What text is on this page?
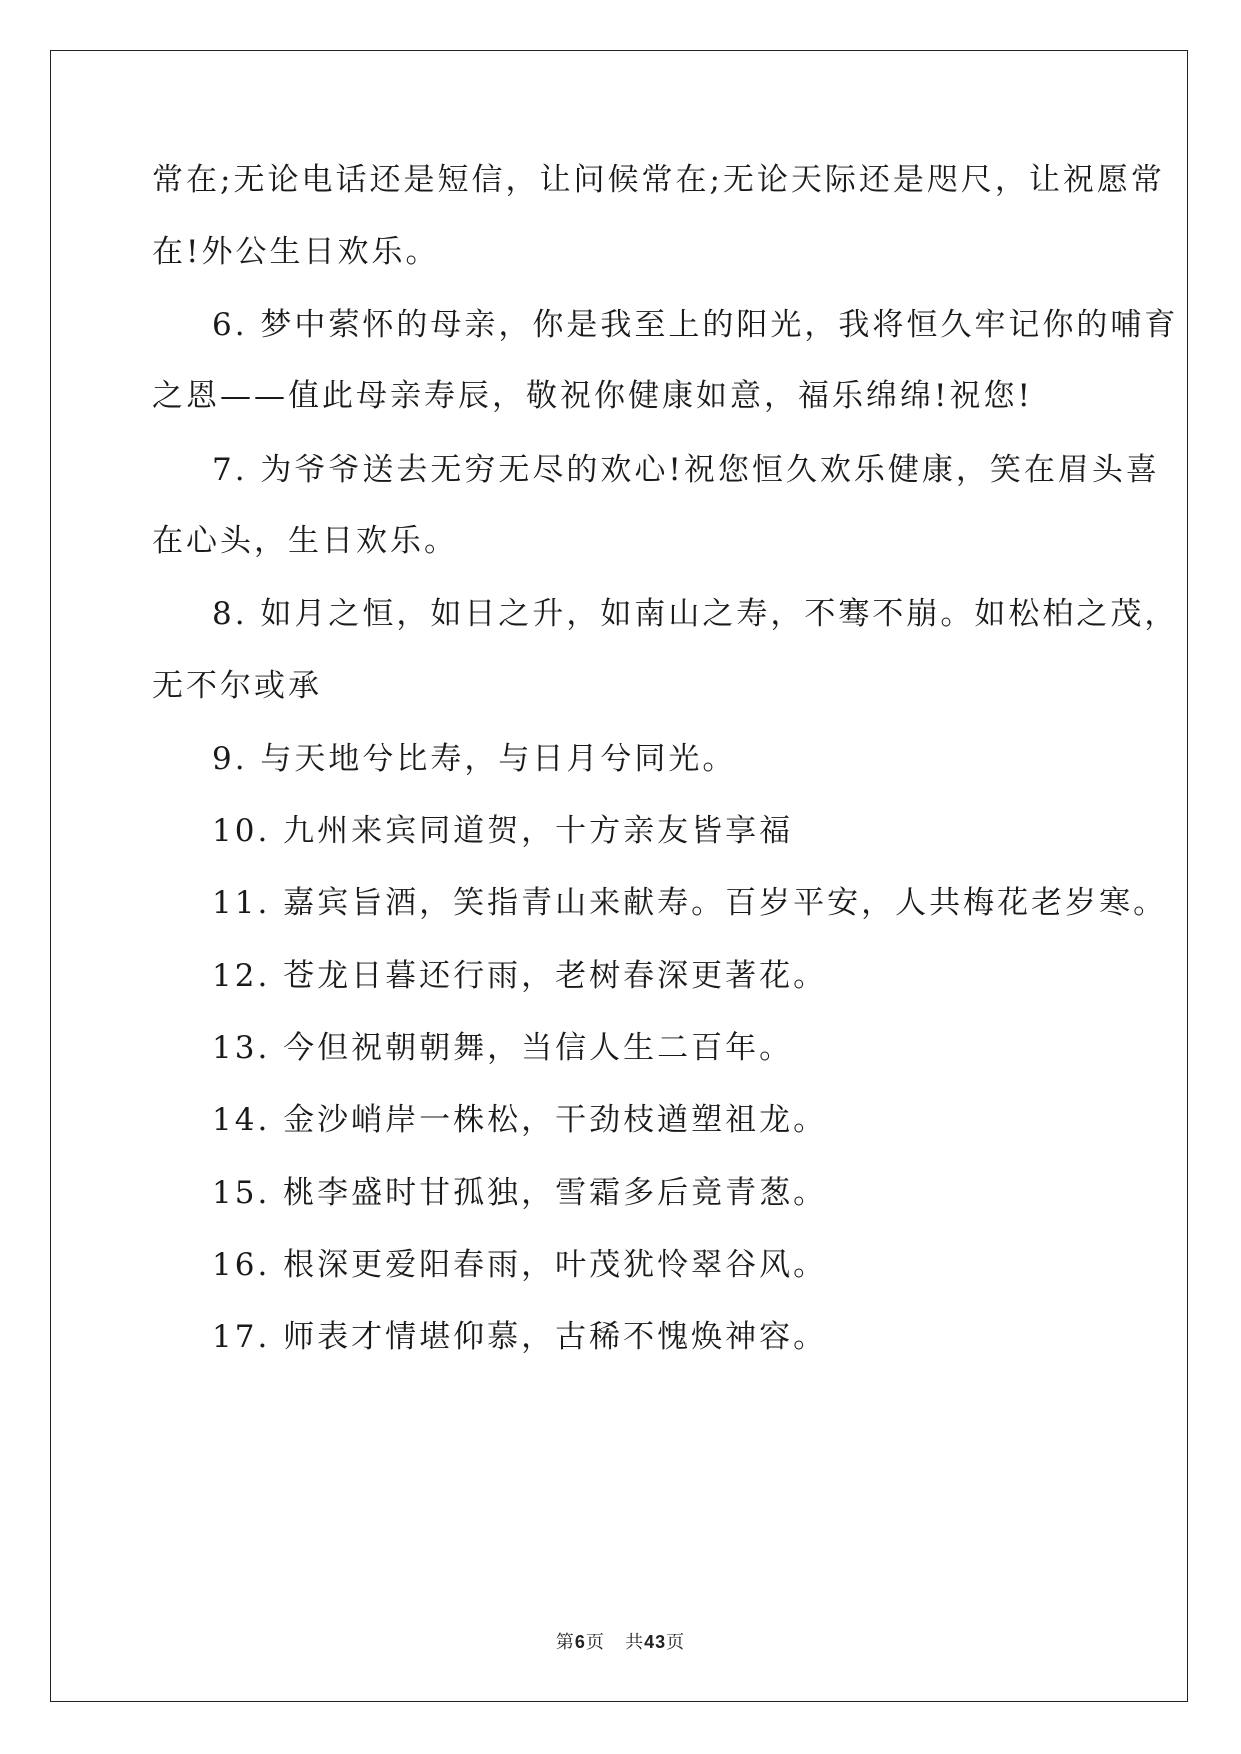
常在;无论电话还是短信，让问候常在;无论天际还是咫尺，让祝愿常
在!外公生日欢乐。
6. 梦中萦怀的母亲，你是我至上的阳光，我将恒久牢记你的哺育
之恩——值此母亲寿辰，敬祝你健康如意，福乐绵绵!祝您!
7. 为爷爷送去无穷无尽的欢心!祝您恒久欢乐健康，笑在眉头喜
在心头，生日欢乐。
8. 如月之恒，如日之升，如南山之寿，不骞不崩。如松柏之茂，
无不尔或承
9. 与天地兮比寿，与日月兮同光。
10. 九州来宾同道贺，十方亲友皆享福
11. 嘉宾旨酒，笑指青山来献寿。百岁平安，人共梅花老岁寒。
12. 苍龙日暮还行雨，老树春深更著花。
13. 今但祝朝朝舞，当信人生二百年。
14. 金沙峭岸一株松，干劲枝遒塑祖龙。
15. 桃李盛时甘孤独，雪霜多后竟青葱。
16. 根深更爱阳春雨，叶茂犹怜翠谷风。
17. 师表才情堪仰慕，古稀不愧焕神容。
第6页 共43页
